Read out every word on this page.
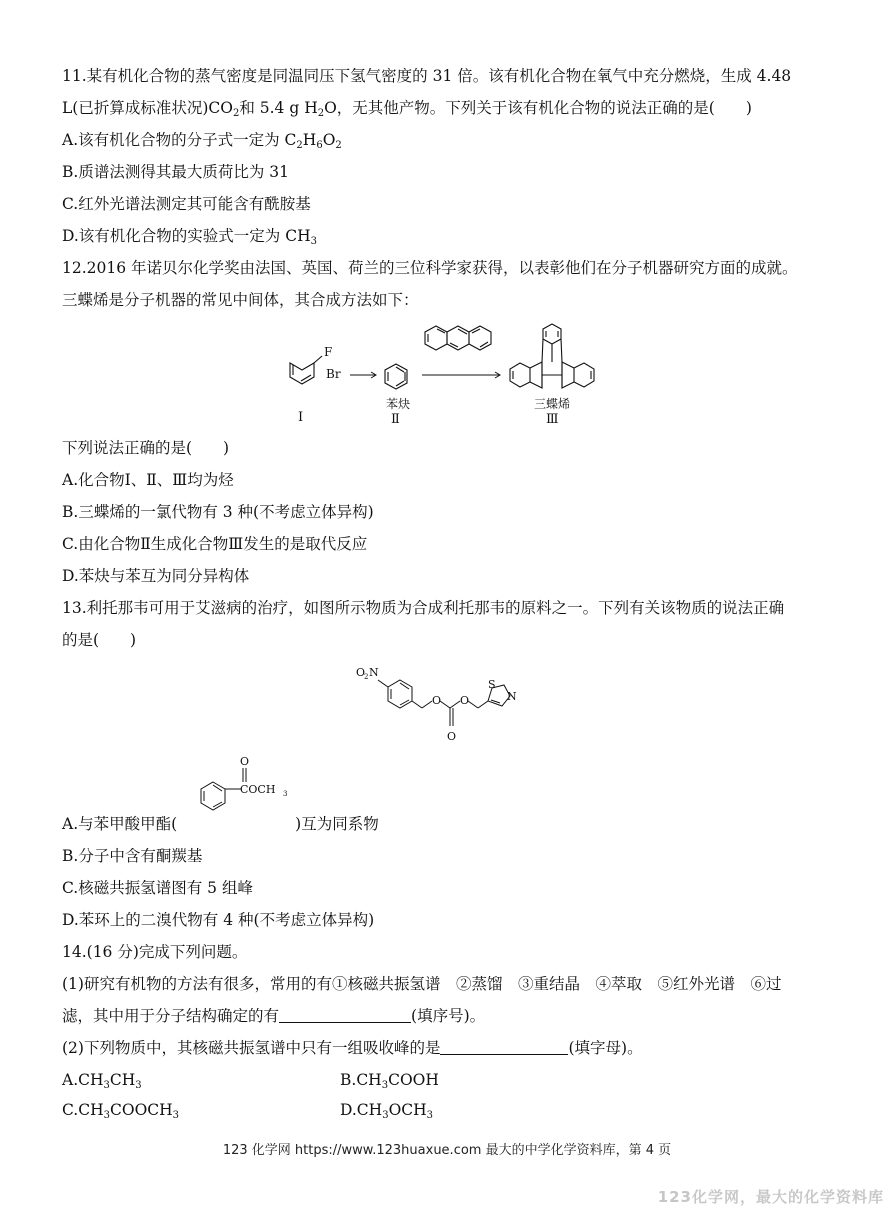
11.某有机化合物的蒸气密度是同温同压下氢气密度的 31 倍。该有机化合物在氧气中充分燃烧，生成 4.48
L(已折算成标准状况)$CO_2$和 5.4 g $H_2O$，无其他产物。下列关于该有机化合物的说法正确的是(　　)
A.该有机化合物的分子式一定为 $C_2H_6O_2$
B.质谱法测得其最大质荷比为 31
C.红外光谱法测定其可能含有酰胺基
D.该有机化合物的实验式一定为 $CH_3$
12.2016 年诺贝尔化学奖由法国、英国、荷兰的三位科学家获得，以表彰他们在分子机器研究方面的成就。
三蝶烯是分子机器的常见中间体，其合成方法如下：
F
Br
Ⅰ
苯炔
Ⅱ
三蝶烯
Ⅲ
下列说法正确的是(　　)
A.化合物Ⅰ、Ⅱ、Ⅲ均为烃
B.三蝶烯的一氯代物有 3 种(不考虑立体异构)
C.由化合物Ⅱ生成化合物Ⅲ发生的是取代反应
D.苯炔与苯互为同分异构体
13.利托那韦可用于艾滋病的治疗，如图所示物质为合成利托那韦的原料之一。下列有关该物质的说法正确
的是(　　)
O
2 N
O O
O
S
N
O
COCH 3
A.与苯甲酸甲酯(	)互为同系物
B.分子中含有酮羰基
C.核磁共振氢谱图有 5 组峰
D.苯环上的二溴代物有 4 种(不考虑立体异构)
14.(16 分)完成下列问题。
(1)研究有机物的方法有很多，常用的有①核磁共振氢谱　②蒸馏　③重结晶　④萃取　⑤红外光谱　⑥过
滤，其中用于分子结构确定的有	(填序号)。
(2)下列物质中，其核磁共振氢谱中只有一组吸收峰的是	(填字母)。
$A.CH_3CH_3$	$B.CH_3COOH$
$C.CH_3COOCH_3$	$D.CH_3OCH_3$
123 化学网 https://www.123huaxue.com 最大的中学化学资料库，第 4 页
123化学网，最大的化学资料库
